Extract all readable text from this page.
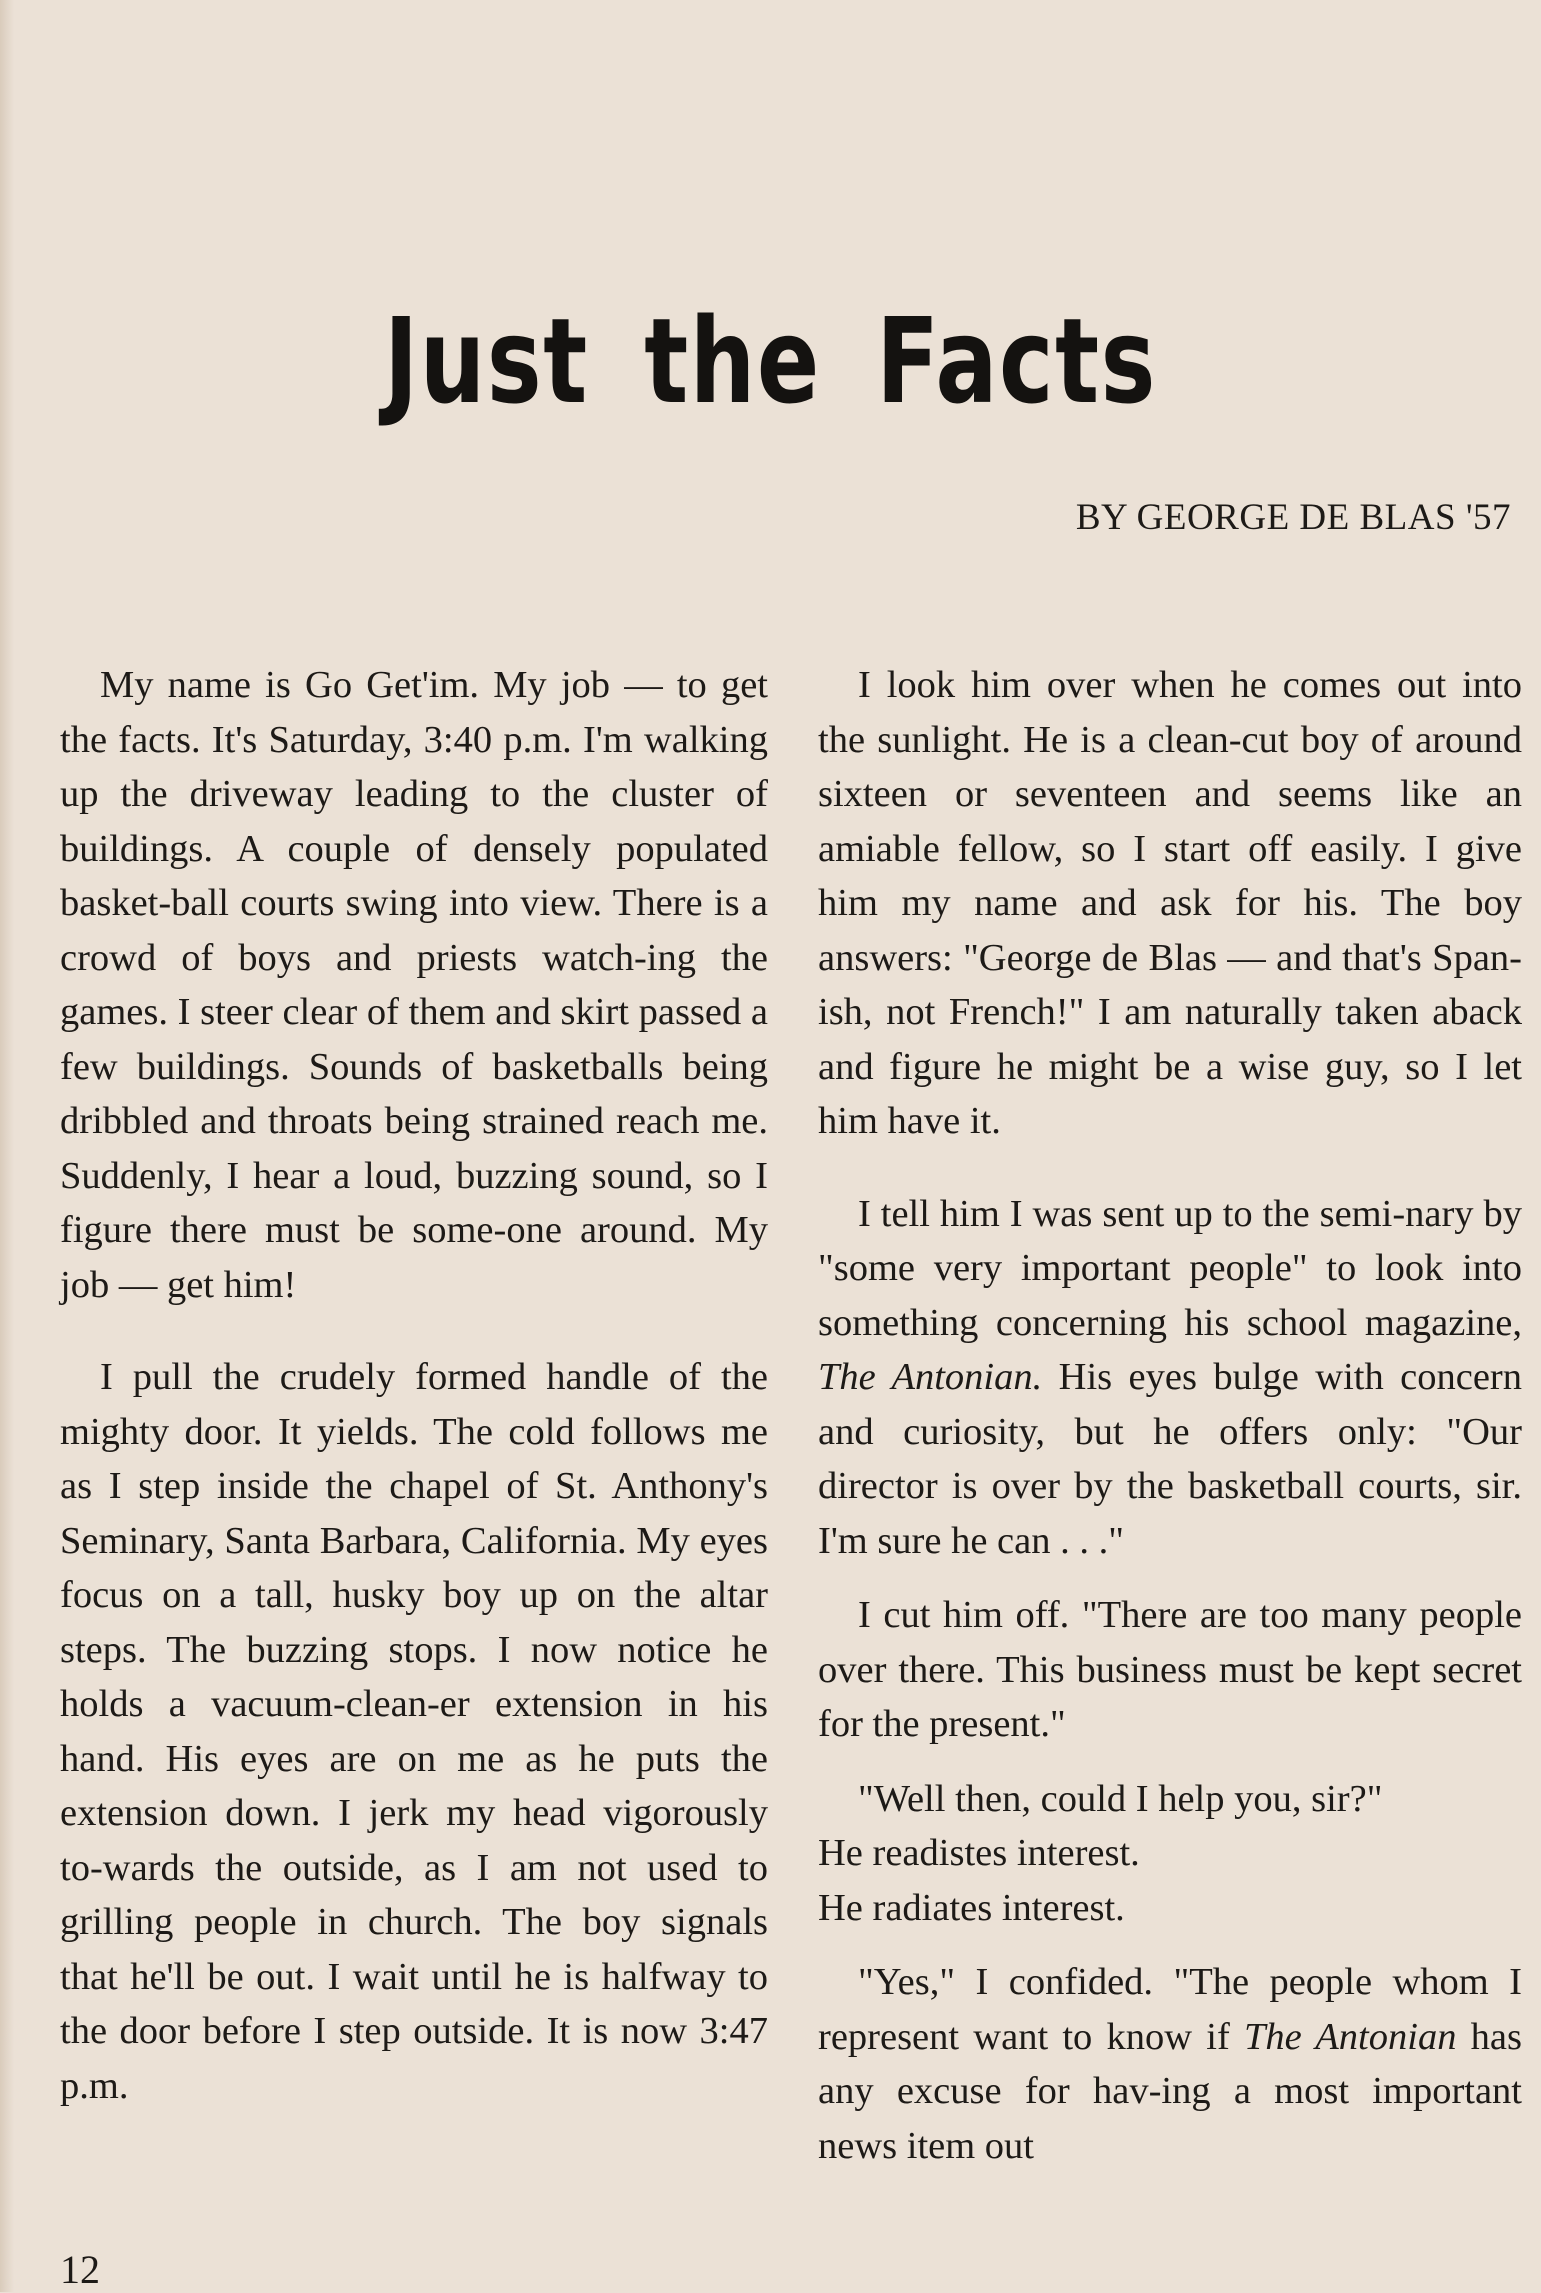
Just the Facts
BY GEORGE DE BLAS '57

My name is Go Get'im. My job — to get the facts. It's Saturday, 3:40 p.m. I'm walking up the driveway leading to the cluster of buildings. A couple of densely populated basket-ball courts swing into view. There is a crowd of boys and priests watch-ing the games. I steer clear of them and skirt passed a few buildings. Sounds of basketballs being dribbled and throats being strained reach me. Suddenly, I hear a loud, buzzing sound, so I figure there must be some-one around. My job — get him!

I pull the crudely formed handle of the mighty door. It yields. The cold follows me as I step inside the chapel of St. Anthony's Seminary, Santa Barbara, California. My eyes focus on a tall, husky boy up on the altar steps. The buzzing stops. I now notice he holds a vacuum-clean-er extension in his hand. His eyes are on me as he puts the extension down. I jerk my head vigorously to-wards the outside, as I am not used to grilling people in church. The boy signals that he'll be out. I wait until he is halfway to the door before I step outside. It is now 3:47 p.m.

I look him over when he comes out into the sunlight. He is a clean-cut boy of around sixteen or seventeen and seems like an amiable fellow, so I start off easily. I give him my name and ask for his. The boy answers: "George de Blas — and that's Span-ish, not French!" I am naturally taken aback and figure he might be a wise guy, so I let him have it.

I tell him I was sent up to the semi-nary by "some very important people" to look into something concerning his school magazine, The Antonian. His eyes bulge with concern and curiosity, but he offers only: "Our director is over by the basketball courts, sir. I'm sure he can . . ."

I cut him off. "There are too many people over there. This business must be kept secret for the present."

"Well then, could I help you, sir?"
He readistes interest.
He radiates interest.

"Yes," I confided. "The people whom I represent want to know if The Antonian has any excuse for hav-ing a most important news item out

12
